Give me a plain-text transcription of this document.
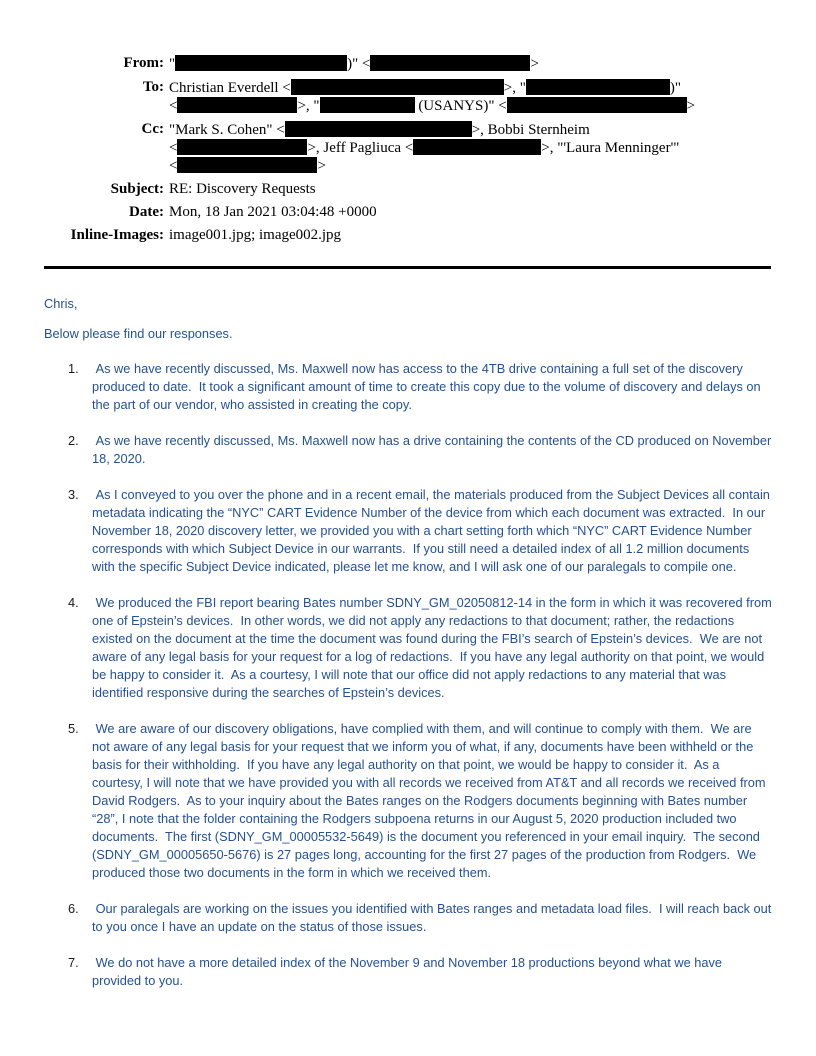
From: "	)" <	>
To: Christian Everdell <	>, "	)"
<	>, "	(USANYS)" <	>
Cc: "Mark S. Cohen" <	>, Bobbi Sternheim
<	>, Jeff Pagliuca <	>, "'Laura Menninger'"
<	>
Subject: RE: Discovery Requests
Date: Mon, 18 Jan 2021 03:04:48 +0000
Inline-Images: image001.jpg; image002.jpg
Chris,
Below please find our responses.
1.	As we have recently discussed, Ms. Maxwell now has access to the 4TB drive containing a full set of the discovery produced to date.  It took a significant amount of time to create this copy due to the volume of discovery and delays on the part of our vendor, who assisted in creating the copy.
2.	As we have recently discussed, Ms. Maxwell now has a drive containing the contents of the CD produced on November 18, 2020.
3.	As I conveyed to you over the phone and in a recent email, the materials produced from the Subject Devices all contain metadata indicating the “NYC” CART Evidence Number of the device from which each document was extracted.  In our November 18, 2020 discovery letter, we provided you with a chart setting forth which “NYC” CART Evidence Number corresponds with which Subject Device in our warrants.  If you still need a detailed index of all 1.2 million documents with the specific Subject Device indicated, please let me know, and I will ask one of our paralegals to compile one.
4.	We produced the FBI report bearing Bates number SDNY_GM_02050812-14 in the form in which it was recovered from one of Epstein’s devices.  In other words, we did not apply any redactions to that document; rather, the redactions existed on the document at the time the document was found during the FBI’s search of Epstein’s devices.  We are not aware of any legal basis for your request for a log of redactions.  If you have any legal authority on that point, we would be happy to consider it.  As a courtesy, I will note that our office did not apply redactions to any material that was identified responsive during the searches of Epstein’s devices.
5.	We are aware of our discovery obligations, have complied with them, and will continue to comply with them.  We are not aware of any legal basis for your request that we inform you of what, if any, documents have been withheld or the basis for their withholding.  If you have any legal authority on that point, we would be happy to consider it.  As a courtesy, I will note that we have provided you with all records we received from AT&T and all records we received from David Rodgers.  As to your inquiry about the Bates ranges on the Rodgers documents beginning with Bates number “28”, I note that the folder containing the Rodgers subpoena returns in our August 5, 2020 production included two documents.  The first (SDNY_GM_00005532-5649) is the document you referenced in your email inquiry.  The second (SDNY_GM_00005650-5676) is 27 pages long, accounting for the first 27 pages of the production from Rodgers.  We produced those two documents in the form in which we received them.
6.	Our paralegals are working on the issues you identified with Bates ranges and metadata load files.  I will reach back out to you once I have an update on the status of those issues.
7.	We do not have a more detailed index of the November 9 and November 18 productions beyond what we have provided to you.
